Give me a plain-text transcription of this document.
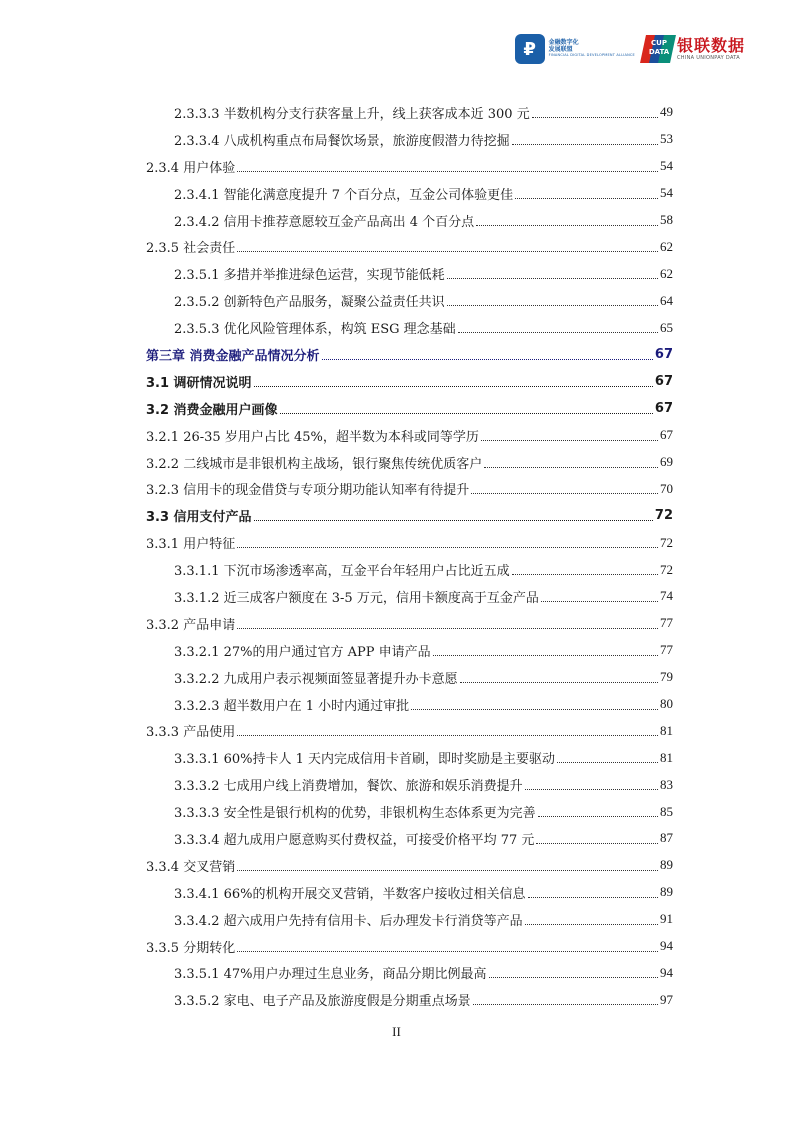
₽	金融数字化
发展联盟
FINANCIAL DIGITAL DEVELOPMENT ALLIANCE
CUP
DATA 银联数据
CHINA UNIONPAY DATA
2.3.3.3 半数机构分支行获客量上升，线上获客成本近 300 元	49
2.3.3.4 八成机构重点布局餐饮场景，旅游度假潜力待挖掘	53
2.3.4 用户体验	54
2.3.4.1 智能化满意度提升 7 个百分点，互金公司体验更佳	54
2.3.4.2 信用卡推荐意愿较互金产品高出 4 个百分点	58
2.3.5 社会责任	62
2.3.5.1 多措并举推进绿色运营，实现节能低耗	62
2.3.5.2 创新特色产品服务，凝聚公益责任共识	64
2.3.5.3 优化风险管理体系，构筑 ESG 理念基础	65
第三章 消费金融产品情况分析	67
3.1 调研情况说明	67
3.2 消费金融用户画像	67
3.2.1 26-35 岁用户占比 45%，超半数为本科或同等学历	67
3.2.2 二线城市是非银机构主战场，银行聚焦传统优质客户	69
3.2.3 信用卡的现金借贷与专项分期功能认知率有待提升	70
3.3 信用支付产品	72
3.3.1 用户特征	72
3.3.1.1 下沉市场渗透率高，互金平台年轻用户占比近五成	72
3.3.1.2 近三成客户额度在 3-5 万元，信用卡额度高于互金产品	74
3.3.2 产品申请	77
3.3.2.1 27%的用户通过官方 APP 申请产品	77
3.3.2.2 九成用户表示视频面签显著提升办卡意愿	79
3.3.2.3 超半数用户在 1 小时内通过审批	80
3.3.3 产品使用	81
3.3.3.1 60%持卡人 1 天内完成信用卡首刷，即时奖励是主要驱动	81
3.3.3.2 七成用户线上消费增加，餐饮、旅游和娱乐消费提升	83
3.3.3.3 安全性是银行机构的优势，非银机构生态体系更为完善	85
3.3.3.4 超九成用户愿意购买付费权益，可接受价格平均 77 元	87
3.3.4 交叉营销	89
3.3.4.1 66%的机构开展交叉营销，半数客户接收过相关信息	89
3.3.4.2 超六成用户先持有信用卡、后办理发卡行消贷等产品	91
3.3.5 分期转化	94
3.3.5.1 47%用户办理过生息业务，商品分期比例最高	94
3.3.5.2 家电、电子产品及旅游度假是分期重点场景	97
II
